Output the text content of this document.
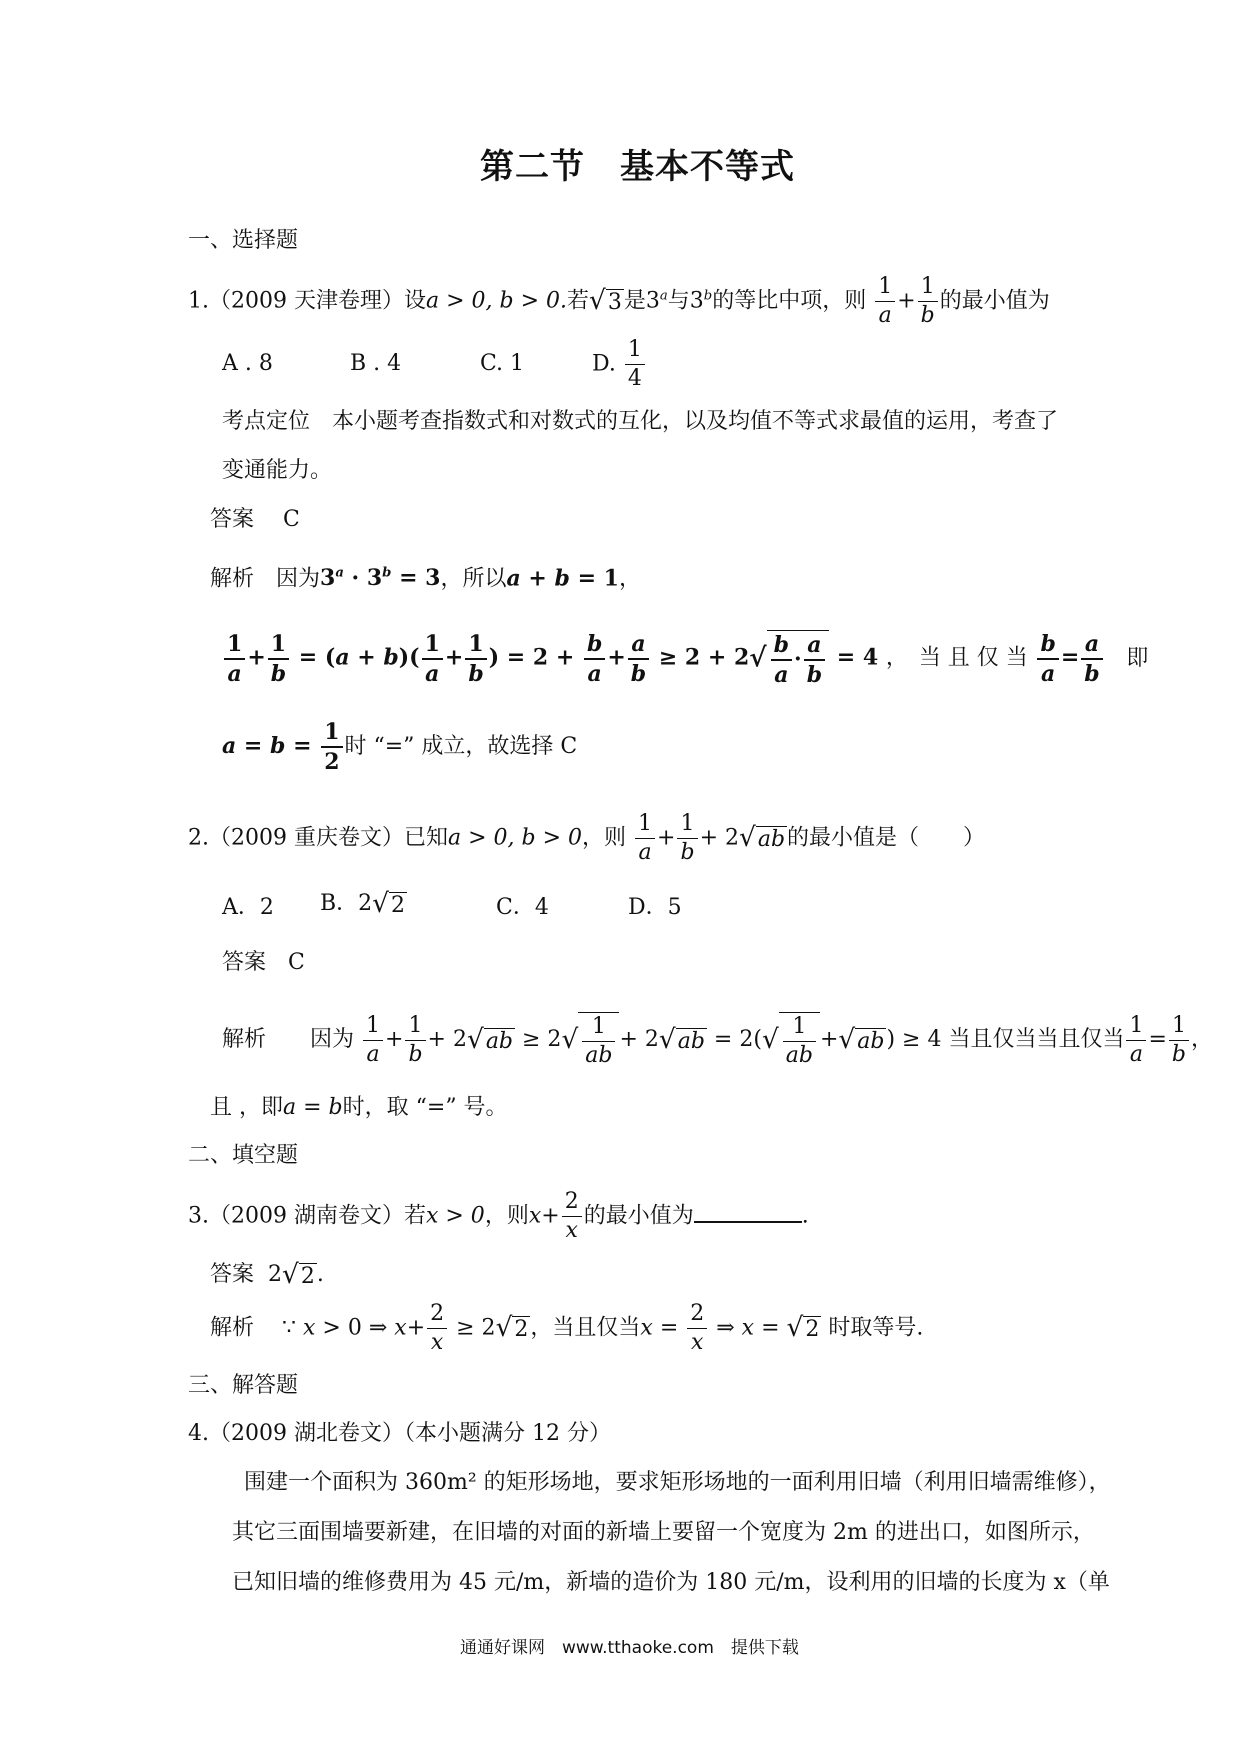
第二节　基本不等式
一、选择题
1.（2009 天津卷理）设a > 0, b > 0.若√3是3$^a$与3$^b$的等比中项，则 $\frac{1}{a} + \frac{1}{b}$ 的最小值为
A . 8	B . 4	C. 1	D. $\frac{1}{4}$
考点定位　本小题考查指数式和对数式的互化，以及均值不等式求最值的运用，考查了
变通能力。
答案　 C
解析　因为$3^a \cdot 3^b = 3$，所以a + b = 1，
$\frac{1}{a} + \frac{1}{b} = (a + b)( \frac{1}{a} + \frac{1}{b}$ ) = $2 + \frac{b}{a} + \frac{a}{b} \ge 2 + 2√ \frac{b}{a} \cdot \frac{a}{b} = 4$ ，　当 且 仅 当 $\frac{b}{a} = \frac{a}{b}$ 即
$a = b = \frac{1}{2}$ 时 “=” 成立，故选择 C
2.（2009 重庆卷文）已知a > 0, b > 0，则 $\frac{1}{a} + \frac{1}{b} + 2√ab$的最小值是（　　）
A．2 B．2√2	C．4	D．5
答案　C
解析　　因为 $\frac{1}{a} + \frac{1}{b} + 2√ab \ge 2√ \frac{1}{ab} + 2√ab = 2(√ \frac{1}{ab} +√ab) \ge 4$ 当且仅当当且仅当 $\frac{1}{a} = \frac{1}{b}$ ，
且 ，即a = b时，取 “=” 号。
二、填空题
3.（2009 湖南卷文）若x > 0，则$x+ \frac{2}{x}$ 的最小值为	.
答案 2√2.
解析 ∵ x > 0 ⇒ $x+ \frac{2}{x} \ge 2√2$，当且仅当$x = \frac{2}{x}$ ⇒ x = √2 时取等号.
三、解答题
4.（2009 湖北卷文）（本小题满分 12 分）
围建一个面积为 360m² 的矩形场地，要求矩形场地的一面利用旧墙（利用旧墙需维修），
其它三面围墙要新建，在旧墙的对面的新墙上要留一个宽度为 2m 的进出口，如图所示，
已知旧墙的维修费用为 45 元/m，新墙的造价为 180 元/m，设利用的旧墙的长度为 x（单
通通好课网　www.tthaoke.com　提供下载
